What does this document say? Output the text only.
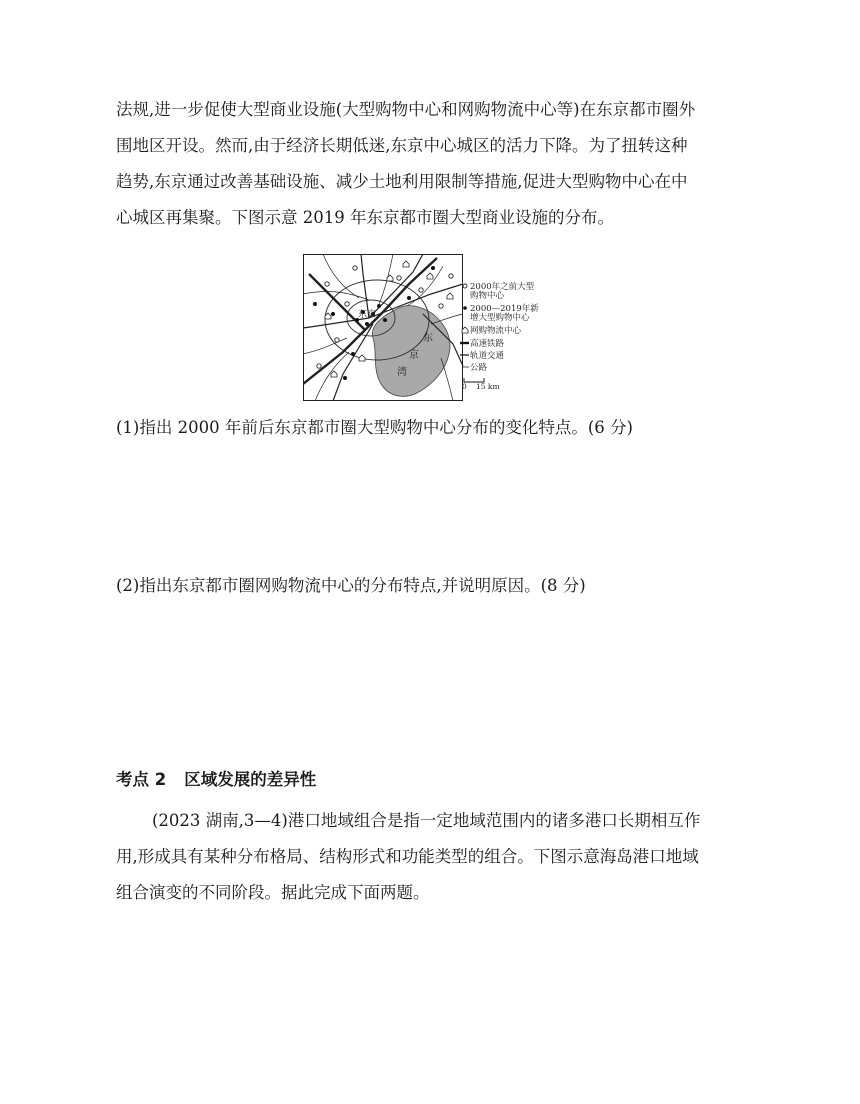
法规,进一步促使大型商业设施(大型购物中心和网购物流中心等)在东京都市圈外
围地区开设。然而,由于经济长期低迷,东京中心城区的活力下降。为了扭转这种
趋势,东京通过改善基础设施、减少土地利用限制等措施,促进大型购物中心在中
心城区再集聚。下图示意 2019 年东京都市圈大型商业设施的分布。
东京
东
京
湾
2000年之前大型
购物中心
2000—2019年新
增大型购物中心
网购物流中心
高速铁路
轨道交通
公路
0 15 km
(1)指出 2000 年前后东京都市圈大型购物中心分布的变化特点。(6 分)
(2)指出东京都市圈网购物流中心的分布特点,并说明原因。(8 分)
考点 2 区域发展的差异性
(2023 湖南,3—4)港口地域组合是指一定地域范围内的诸多港口长期相互作
用,形成具有某种分布格局、结构形式和功能类型的组合。下图示意海岛港口地域
组合演变的不同阶段。据此完成下面两题。
